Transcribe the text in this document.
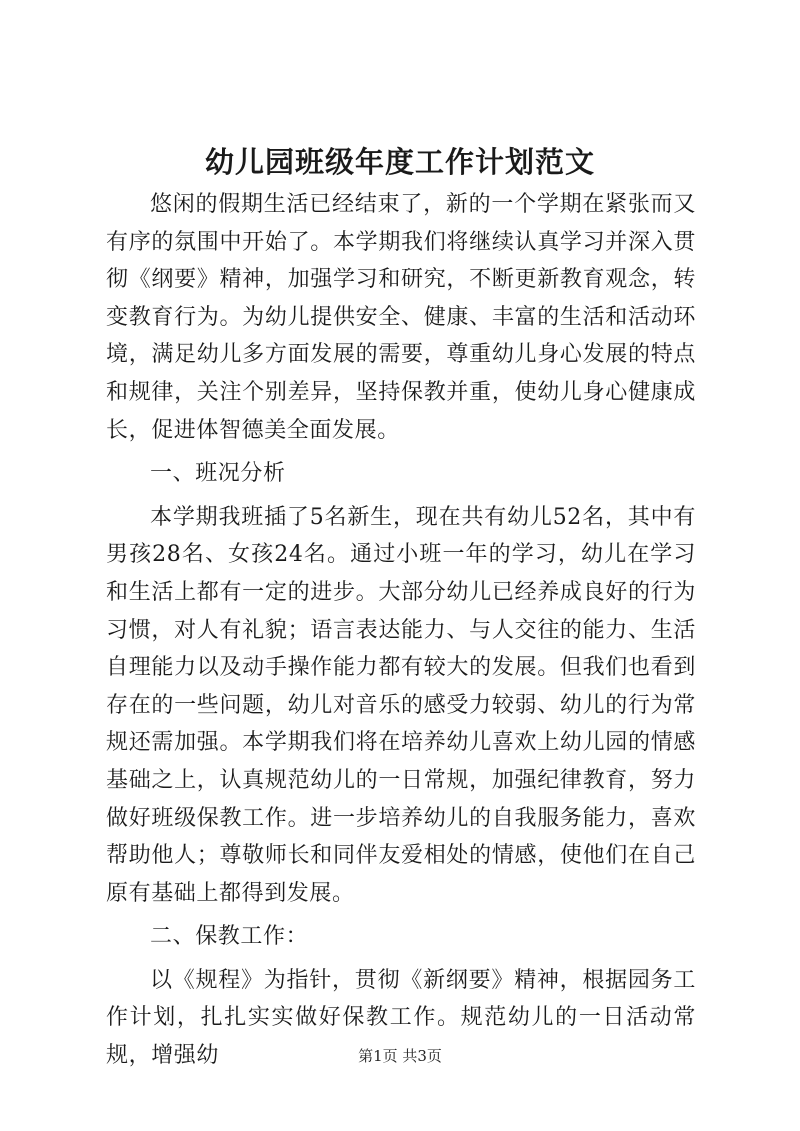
幼儿园班级年度工作计划范文

悠闲的假期生活已经结束了，新的一个学期在紧张而又有序的氛围中开始了。本学期我们将继续认真学习并深入贯彻《纲要》精神，加强学习和研究，不断更新教育观念，转变教育行为。为幼儿提供安全、健康、丰富的生活和活动环境，满足幼儿多方面发展的需要，尊重幼儿身心发展的特点和规律，关注个别差异，坚持保教并重，使幼儿身心健康成长，促进体智德美全面发展。

一、班况分析

本学期我班插了5名新生，现在共有幼儿52名，其中有男孩28名、女孩24名。通过小班一年的学习，幼儿在学习和生活上都有一定的进步。大部分幼儿已经养成良好的行为习惯，对人有礼貌；语言表达能力、与人交往的能力、生活自理能力以及动手操作能力都有较大的发展。但我们也看到存在的一些问题，幼儿对音乐的感受力较弱、幼儿的行为常规还需加强。本学期我们将在培养幼儿喜欢上幼儿园的情感基础之上，认真规范幼儿的一日常规，加强纪律教育，努力做好班级保教工作。进一步培养幼儿的自我服务能力，喜欢帮助他人；尊敬师长和同伴友爱相处的情感，使他们在自己原有基础上都得到发展。

二、保教工作：

以《规程》为指针，贯彻《新纲要》精神，根据园务工作计划，扎扎实实做好保教工作。规范幼儿的一日活动常规，增强幼	第1页 共3页
